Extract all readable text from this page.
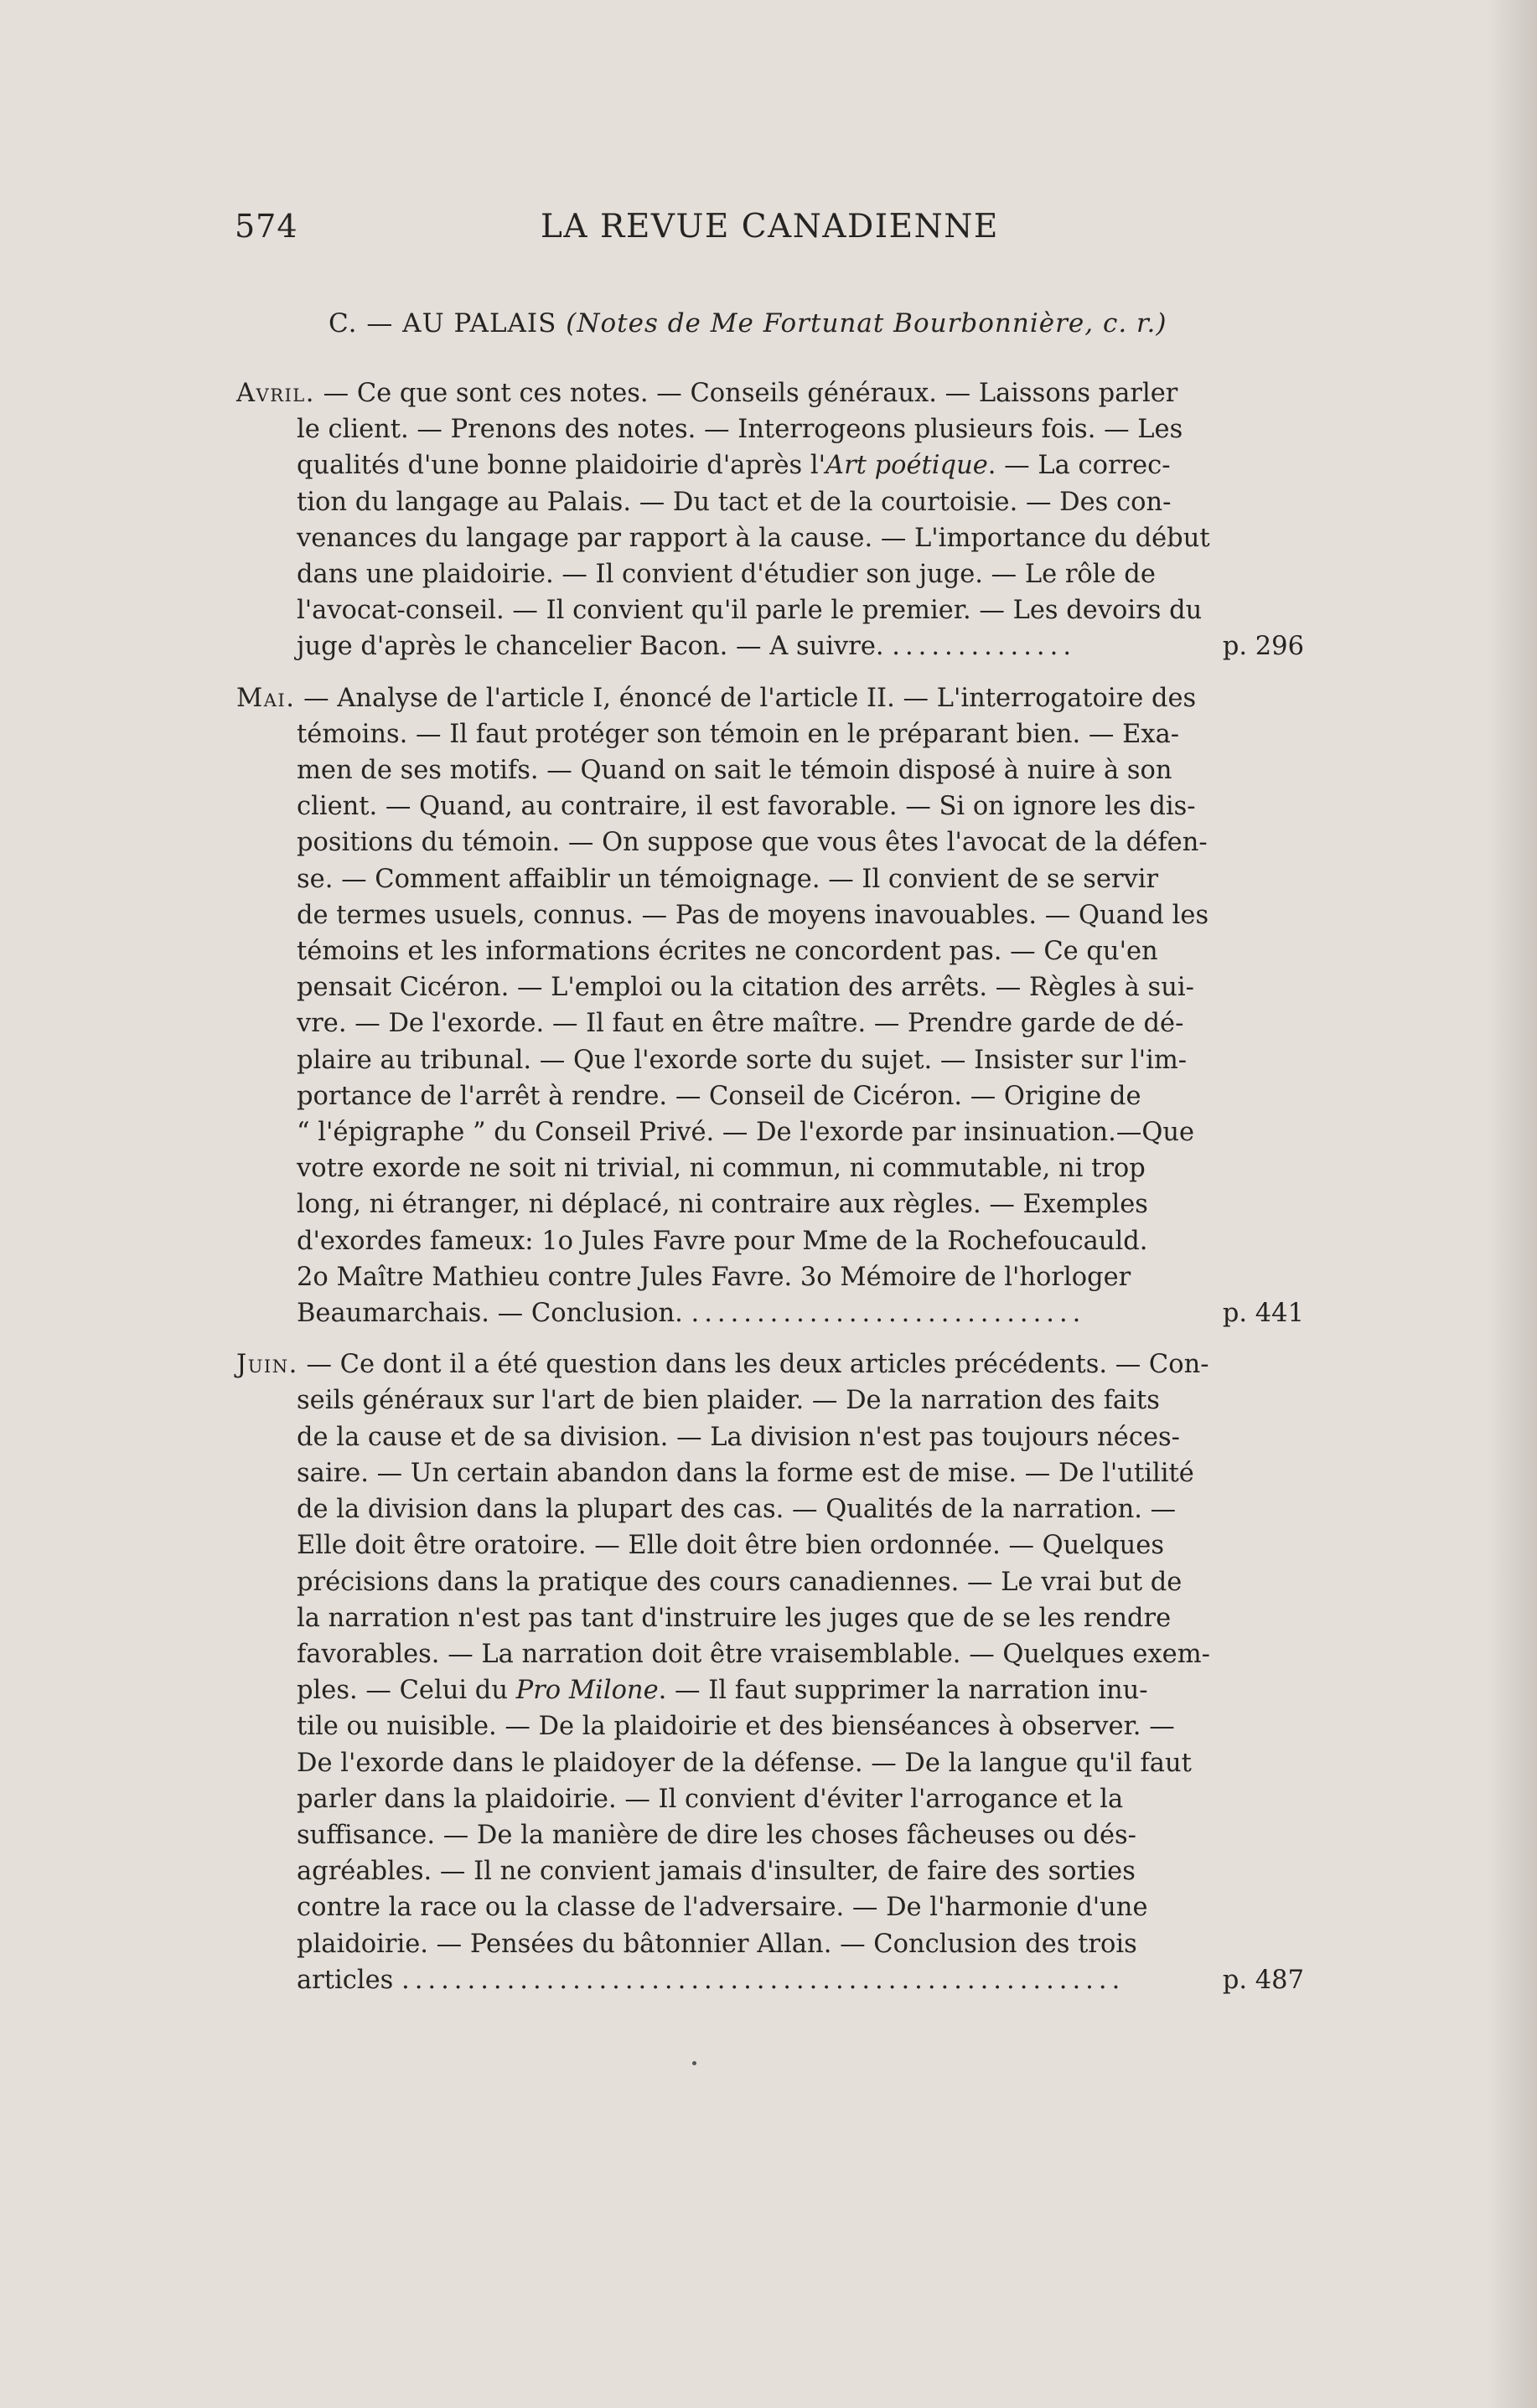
574	LA REVUE CANADIENNE
C. — AU PALAIS (Notes de Me Fortunat Bourbonnière, c. r.)
Avril. — Ce que sont ces notes. — Conseils généraux. — Laissons parler
le client. — Prenons des notes. — Interrogeons plusieurs fois. — Les
qualités d'une bonne plaidoirie d'après l'Art poétique. — La correc-
tion du langage au Palais. — Du tact et de la courtoisie. — Des con-
venances du langage par rapport à la cause. — L'importance du début
dans une plaidoirie. — Il convient d'étudier son juge. — Le rôle de
l'avocat-conseil. — Il convient qu'il parle le premier. — Les devoirs du
juge d'après le chancelier Bacon. — A suivre. ..............	p. 296
Mai. — Analyse de l'article I, énoncé de l'article II. — L'interrogatoire des
témoins. — Il faut protéger son témoin en le préparant bien. — Exa-
men de ses motifs. — Quand on sait le témoin disposé à nuire à son
client. — Quand, au contraire, il est favorable. — Si on ignore les dis-
positions du témoin. — On suppose que vous êtes l'avocat de la défen-
se. — Comment affaiblir un témoignage. — Il convient de se servir
de termes usuels, connus. — Pas de moyens inavouables. — Quand les
témoins et les informations écrites ne concordent pas. — Ce qu'en
pensait Cicéron. — L'emploi ou la citation des arrêts. — Règles à sui-
vre. — De l'exorde. — Il faut en être maître. — Prendre garde de dé-
plaire au tribunal. — Que l'exorde sorte du sujet. — Insister sur l'im-
portance de l'arrêt à rendre. — Conseil de Cicéron. — Origine de
“ l'épigraphe ” du Conseil Privé. — De l'exorde par insinuation.—Que
votre exorde ne soit ni trivial, ni commun, ni commutable, ni trop
long, ni étranger, ni déplacé, ni contraire aux règles. — Exemples
d'exordes fameux: 1o Jules Favre pour Mme de la Rochefoucauld.
2o Maître Mathieu contre Jules Favre. 3o Mémoire de l'horloger
Beaumarchais. — Conclusion. ..............................	p. 441
Juin. — Ce dont il a été question dans les deux articles précédents. — Con-
seils généraux sur l'art de bien plaider. — De la narration des faits
de la cause et de sa division. — La division n'est pas toujours néces-
saire. — Un certain abandon dans la forme est de mise. — De l'utilité
de la division dans la plupart des cas. — Qualités de la narration. —
Elle doit être oratoire. — Elle doit être bien ordonnée. — Quelques
précisions dans la pratique des cours canadiennes. — Le vrai but de
la narration n'est pas tant d'instruire les juges que de se les rendre
favorables. — La narration doit être vraisemblable. — Quelques exem-
ples. — Celui du Pro Milone. — Il faut supprimer la narration inu-
tile ou nuisible. — De la plaidoirie et des bienséances à observer. —
De l'exorde dans le plaidoyer de la défense. — De la langue qu'il faut
parler dans la plaidoirie. — Il convient d'éviter l'arrogance et la
suffisance. — De la manière de dire les choses fâcheuses ou dés-
agréables. — Il ne convient jamais d'insulter, de faire des sorties
contre la race ou la classe de l'adversaire. — De l'harmonie d'une
plaidoirie. — Pensées du bâtonnier Allan. — Conclusion des trois
articles .......................................................	p. 487
